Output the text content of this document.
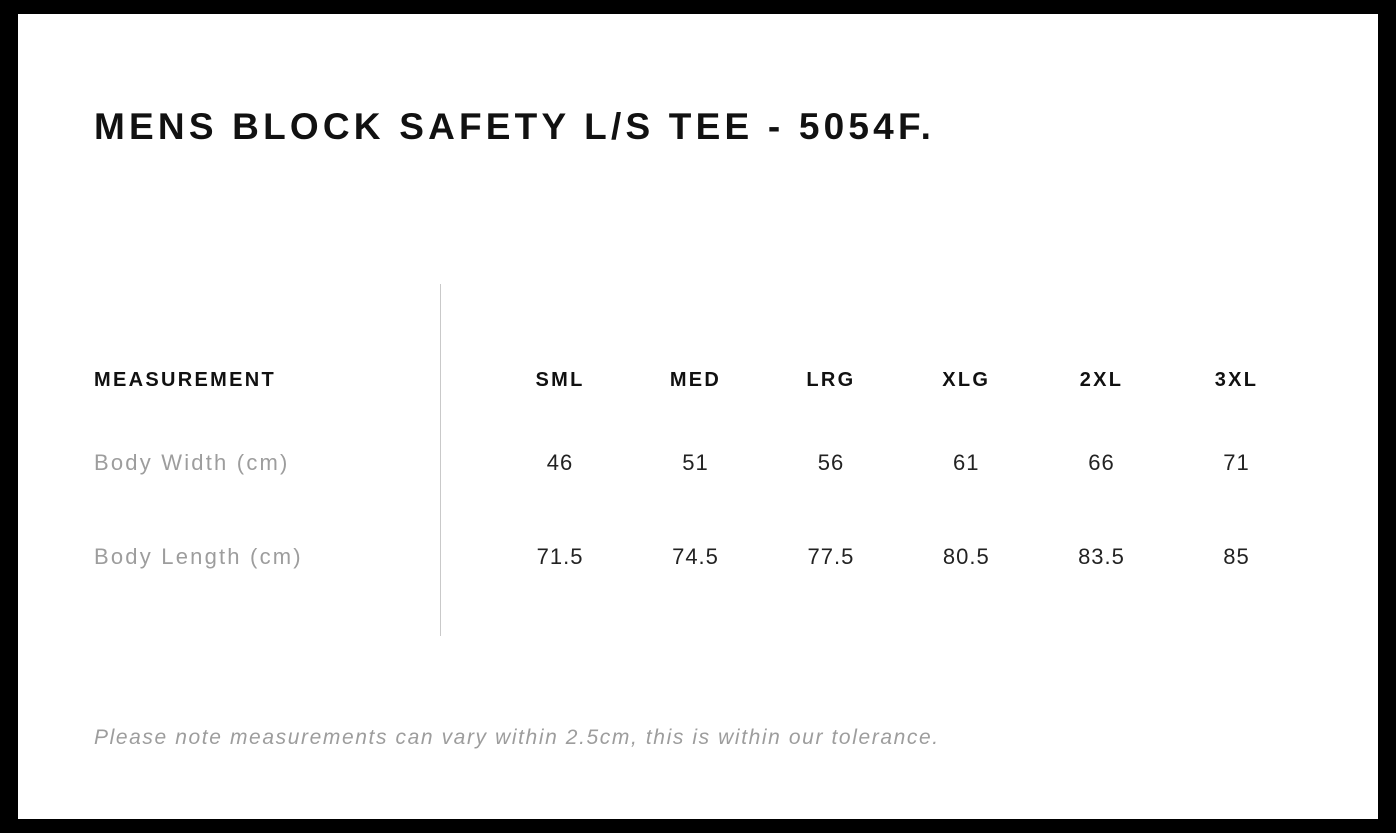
MENS BLOCK SAFETY L/S TEE - 5054F.
MEASUREMENT	SML	MED	LRG	XLG	2XL	3XL
Body Width (cm)	46	51	56	61	66	71
Body Length (cm)	71.5	74.5	77.5	80.5	83.5	85
Please note measurements can vary within 2.5cm, this is within our tolerance.
